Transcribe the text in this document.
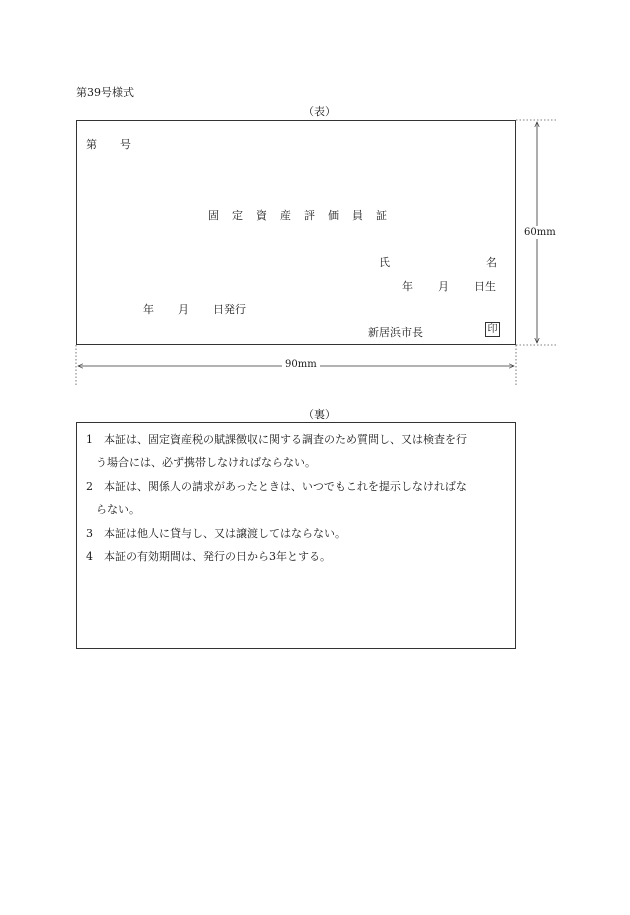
第39号様式
（表）
第 号
固　定　資　産　評　価　員　証
氏	名
年 月 日生
年 月 日発行
新居浜市長	印
60mm
90mm
（裏）
1　 本証は、固定資産税の賦課徴収に関する調査のため質問し、又は検査を行
う場合には、必ず携帯しなければならない。
2　 本証は、関係人の請求があったときは、いつでもこれを提示しなければな
らない。
3　 本証は他人に貸与し、又は譲渡してはならない。
4　 本証の有効期間は、発行の日から3年とする。
